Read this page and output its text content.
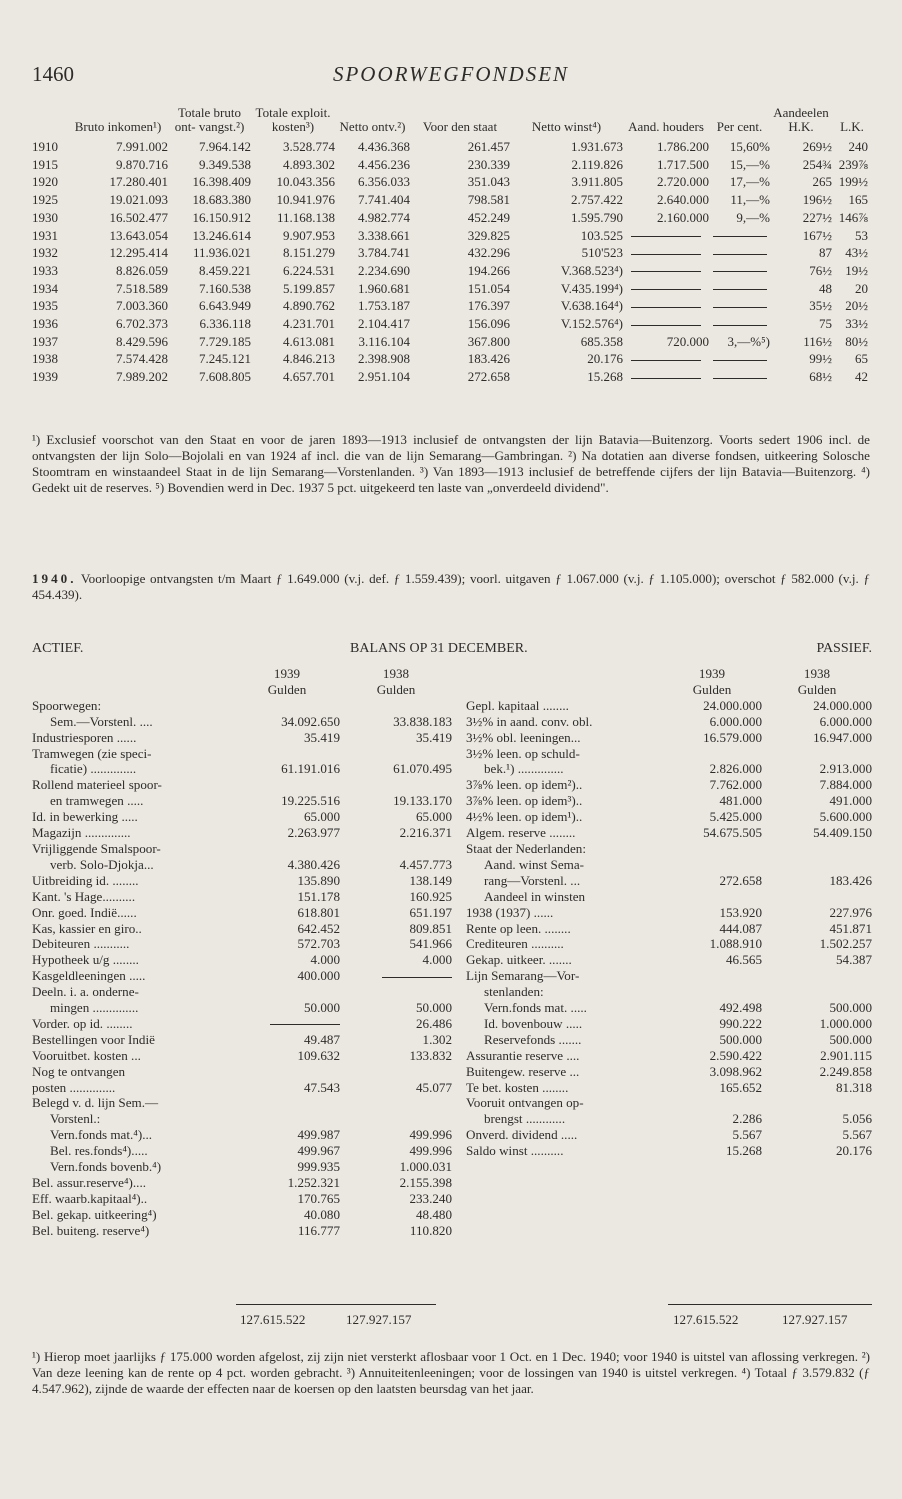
1460	SPOORWEGFONDSEN
	Bruto inkomen¹)	Totale bruto ont- vangst.²)	Totale exploit. kosten³)	Netto ontv.²)	Voor den staat	Netto winst⁴)	Aand. houders	Per cent.	Aandeelen H.K.	L.K.
1910	7.991.002	7.964.142	3.528.774	4.436.368	261.457	1.931.673	1.786.200	15,60%	269½	240
1915	9.870.716	9.349.538	4.893.302	4.456.236	230.339	2.119.826	1.717.500	15,—%	254¾	239⅞
1920	17.280.401	16.398.409	10.043.356	6.356.033	351.043	3.911.805	2.720.000	17,—%	265	199½
1925	19.021.093	18.683.380	10.941.976	7.741.404	798.581	2.757.422	2.640.000	11,—%	196½	165
1930	16.502.477	16.150.912	11.168.138	4.982.774	452.249	1.595.790	2.160.000	9,—%	227½	146⅞
1931	13.643.054	13.246.614	9.907.953	3.338.661	329.825	103.525			167½	53
1932	12.295.414	11.936.021	8.151.279	3.784.741	432.296	510'523			87	43½
1933	8.826.059	8.459.221	6.224.531	2.234.690	194.266	V.368.523⁴)			76½	19½
1934	7.518.589	7.160.538	5.199.857	1.960.681	151.054	V.435.199⁴)			48	20
1935	7.003.360	6.643.949	4.890.762	1.753.187	176.397	V.638.164⁴)			35½	20½
1936	6.702.373	6.336.118	4.231.701	2.104.417	156.096	V.152.576⁴)			75	33½
1937	8.429.596	7.729.185	4.613.081	3.116.104	367.800	685.358	720.000	3,—%⁵)	116½	80½
1938	7.574.428	7.245.121	4.846.213	2.398.908	183.426	20.176			99½	65
1939	7.989.202	7.608.805	4.657.701	2.951.104	272.658	15.268			68½	42

¹) Exclusief voorschot van den Staat en voor de jaren 1893—1913 inclusief de ontvangsten der lijn Batavia—Buitenzorg. Voorts sedert 1906 incl. de ontvangsten der lijn Solo—Bojolali en van 1924 af incl. die van de lijn Semarang—Gambringan. ²) Na dotatien aan diverse fondsen, uitkeering Solosche Stoomtram en winstaandeel Staat in de lijn Semarang—Vorstenlanden. ³) Van 1893—1913 inclusief de betreffende cijfers der lijn Batavia—Buitenzorg. ⁴) Gedekt uit de reserves. ⁵) Bovendien werd in Dec. 1937 5 pct. uitgekeerd ten laste van „onverdeeld dividend".

1940. Voorloopige ontvangsten t/m Maart ƒ 1.649.000 (v.j. def. ƒ 1.559.439); voorl. uitgaven ƒ 1.067.000 (v.j. ƒ 1.105.000); overschot ƒ 582.000 (v.j. ƒ 454.439).

ACTIEF.	BALANS OP 31 DECEMBER.	PASSIEF.
	1939	1938
	Gulden	Gulden
Spoorwegen:		
Sem.—Vorstenl. ....	34.092.650	33.838.183
Industriesporen ......	35.419	35.419
Tramwegen (zie speci-		
ficatie) ..............	61.191.016	61.070.495
Rollend materieel spoor-		
en tramwegen .....	19.225.516	19.133.170
Id. in bewerking .....	65.000	65.000
Magazijn ..............	2.263.977	2.216.371
Vrijliggende Smalspoor-		
verb. Solo-Djokja...	4.380.426	4.457.773
Uitbreiding id. ........	135.890	138.149
Kant. 's Hage..........	151.178	160.925
Onr. goed. Indië......	618.801	651.197
Kas, kassier en giro..	642.452	809.851
Debiteuren ...........	572.703	541.966
Hypotheek u/g ........	4.000	4.000
Kasgeldleeningen .....	400.000	
Deeln. i. a. onderne-		
mingen ..............	50.000	50.000
Vorder. op id. ........		26.486
Bestellingen voor Indië	49.487	1.302
Vooruitbet. kosten ...	109.632	133.832
Nog te ontvangen		
posten ..............	47.543	45.077
Belegd v. d. lijn Sem.—		
Vorstenl.:		
Vern.fonds mat.⁴)...	499.987	499.996
Bel. res.fonds⁴).....	499.967	499.996
Vern.fonds bovenb.⁴)	999.935	1.000.031
Bel. assur.reserve⁴)....	1.252.321	2.155.398
Eff. waarb.kapitaal⁴)..	170.765	233.240
Bel. gekap. uitkeering⁴)	40.080	48.480
Bel. buiteng. reserve⁴)	116.777	110.820
	1939	1938
	Gulden	Gulden
Gepl. kapitaal ........	24.000.000	24.000.000
3½% in aand. conv. obl.	6.000.000	6.000.000
3½% obl. leeningen...	16.579.000	16.947.000
3½% leen. op schuld-		
bek.¹) ..............	2.826.000	2.913.000
3⅞% leen. op idem²)..	7.762.000	7.884.000
3⅞% leen. op idem³)..	481.000	491.000
4½% leen. op idem¹)..	5.425.000	5.600.000
Algem. reserve ........	54.675.505	54.409.150
Staat der Nederlanden:		
Aand. winst Sema-		
rang—Vorstenl. ...	272.658	183.426
Aandeel in winsten		
1938 (1937) ......	153.920	227.976
Rente op leen. ........	444.087	451.871
Crediteuren ..........	1.088.910	1.502.257
Gekap. uitkeer. .......	46.565	54.387
Lijn Semarang—Vor-		
stenlanden:		
Vern.fonds mat. .....	492.498	500.000
Id. bovenbouw .....	990.222	1.000.000
Reservefonds .......	500.000	500.000
Assurantie reserve ....	2.590.422	2.901.115
Buitengew. reserve ...	3.098.962	2.249.858
Te bet. kosten ........	165.652	81.318
Vooruit ontvangen op-		
brengst ............	2.286	5.056
Onverd. dividend .....	5.567	5.567
Saldo winst ..........	15.268	20.176
127.615.522	127.927.157	127.615.522	127.927.157

¹) Hierop moet jaarlijks ƒ 175.000 worden afgelost, zij zijn niet versterkt aflosbaar voor 1 Oct. en 1 Dec. 1940; voor 1940 is uitstel van aflossing verkregen. ²) Van deze leening kan de rente op 4 pct. worden gebracht. ³) Annuiteitenleeningen; voor de lossingen van 1940 is uitstel verkregen. ⁴) Totaal ƒ 3.579.832 (ƒ 4.547.962), zijnde de waarde der effecten naar de koersen op den laatsten beursdag van het jaar.
